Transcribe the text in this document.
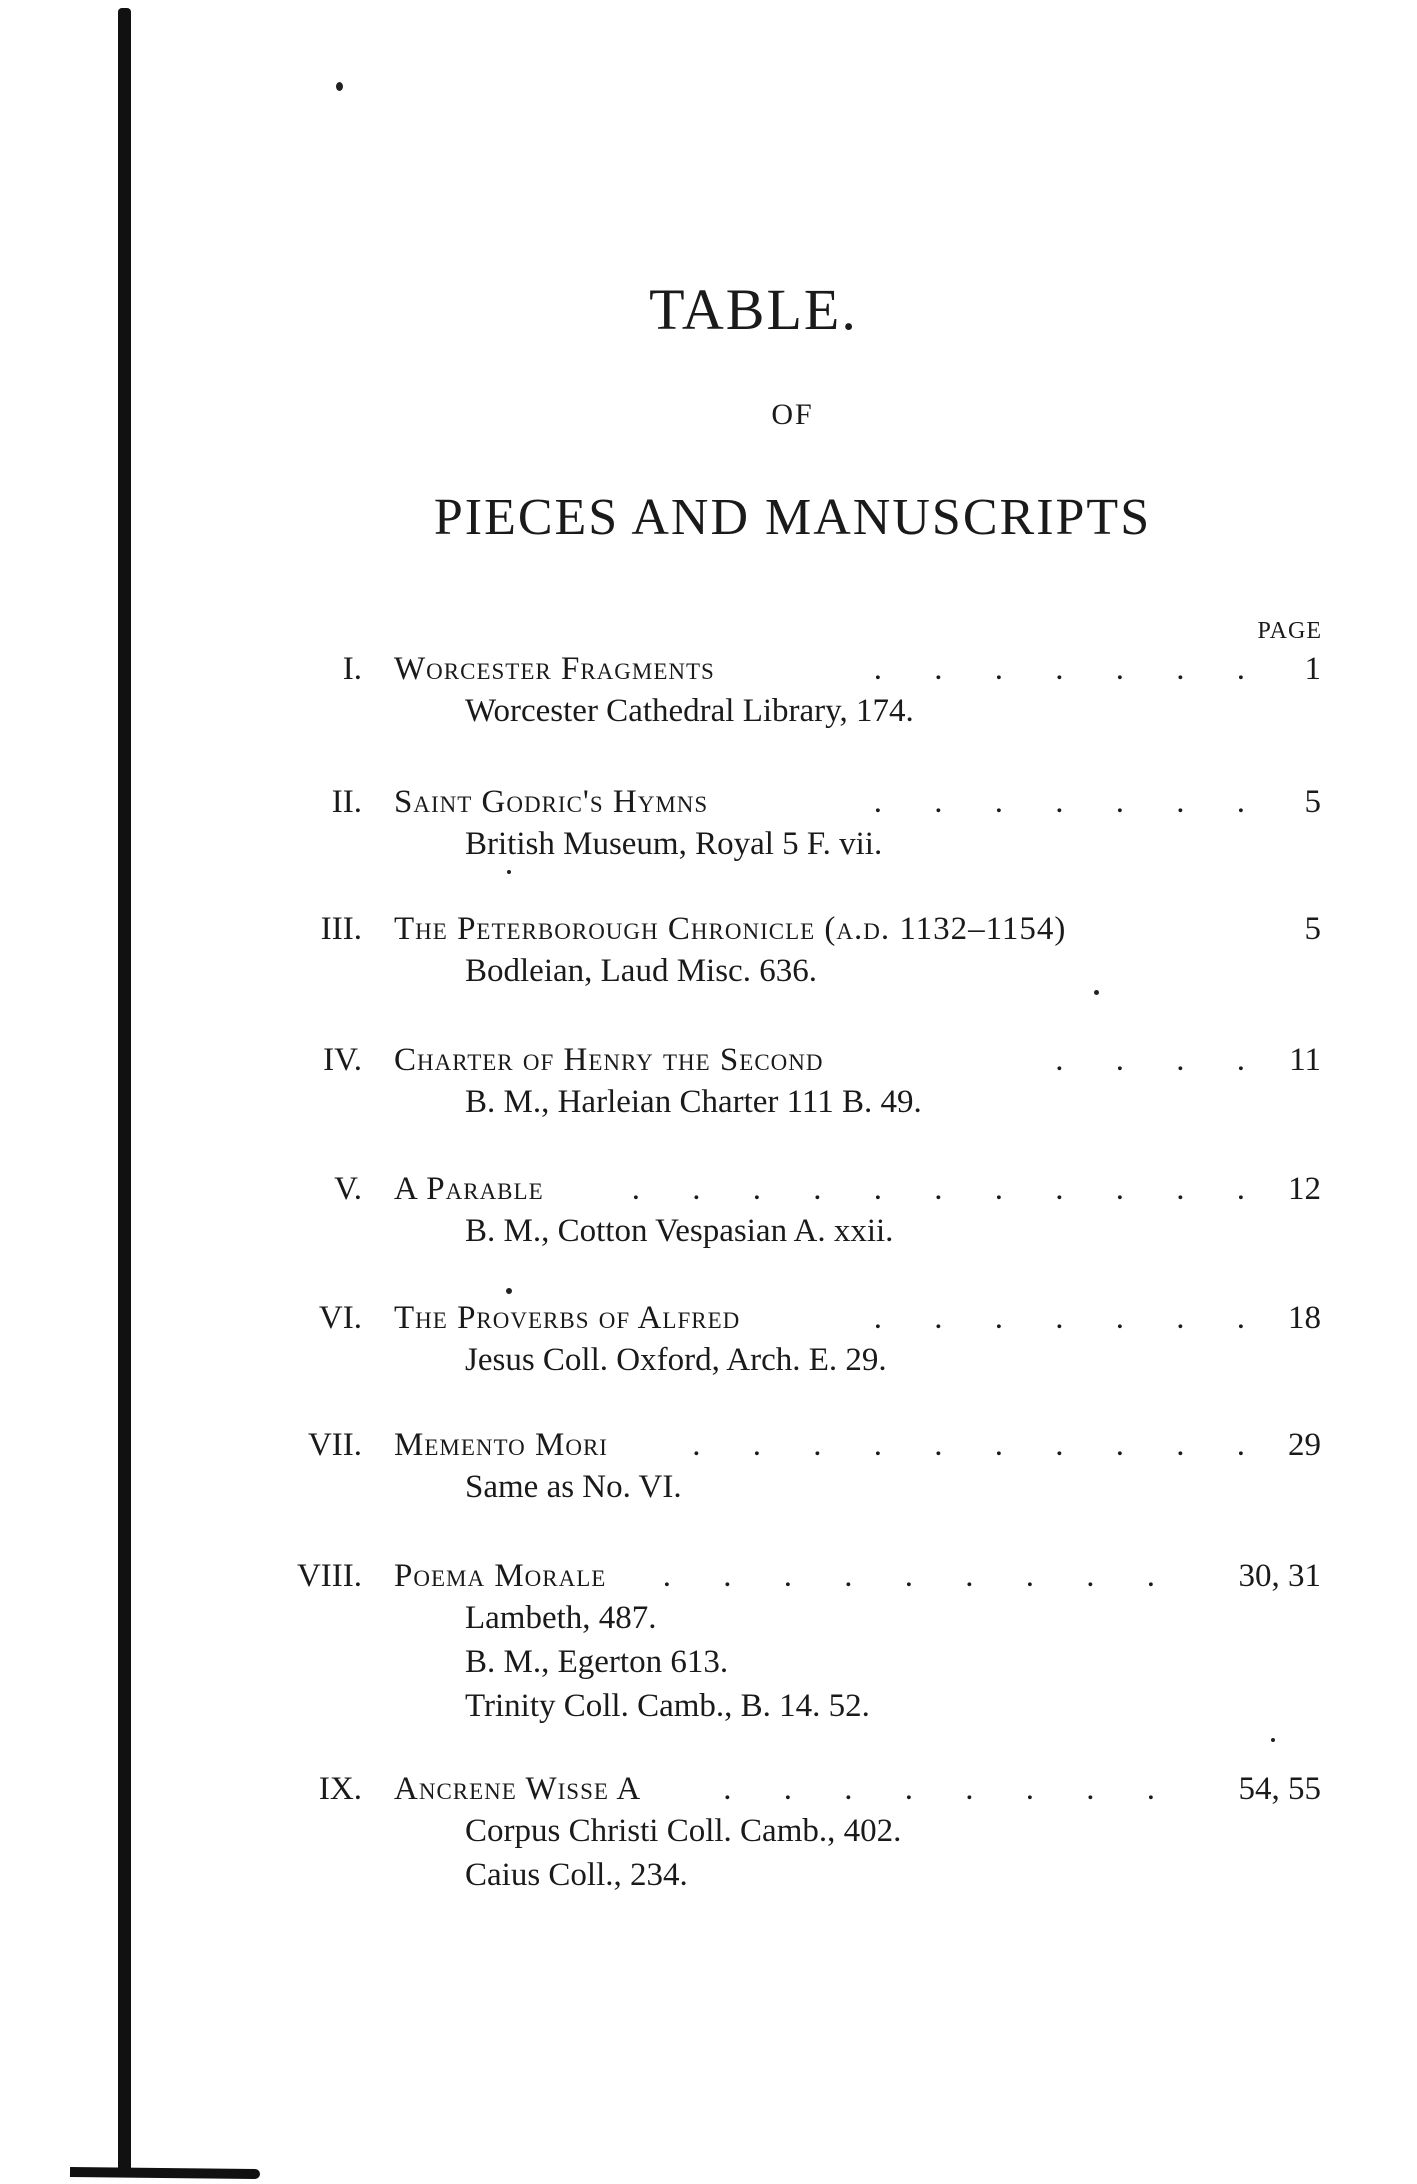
TABLE.
OF
PIECES AND MANUSCRIPTS
PAGE
I. Worcester Fragments	. . . . . . . 1
Worcester Cathedral Library, 174.
II. Saint Godric's Hymns	. . . . . . . 5
British Museum, Royal 5 F. vii.
III. The Peterborough Chronicle (a.d. 1132–1154)	5
Bodleian, Laud Misc. 636.
IV. Charter of Henry the Second	. . . . 11
B. M., Harleian Charter 111 B. 49.
V. A Parable	. . . . . . . . . . . 12
B. M., Cotton Vespasian A. xxii.
VI. The Proverbs of Alfred	. . . . . . . 18
Jesus Coll. Oxford, Arch. E. 29.
VII. Memento Mori	. . . . . . . . . . 29
Same as No. VI.
VIII. Poema Morale . . . . . . . . . 30, 31
Lambeth, 487.
B. M., Egerton 613.
Trinity Coll. Camb., B. 14. 52.
IX. Ancrene Wisse A . . . . . . . . 54, 55
Corpus Christi Coll. Camb., 402.
Caius Coll., 234.
